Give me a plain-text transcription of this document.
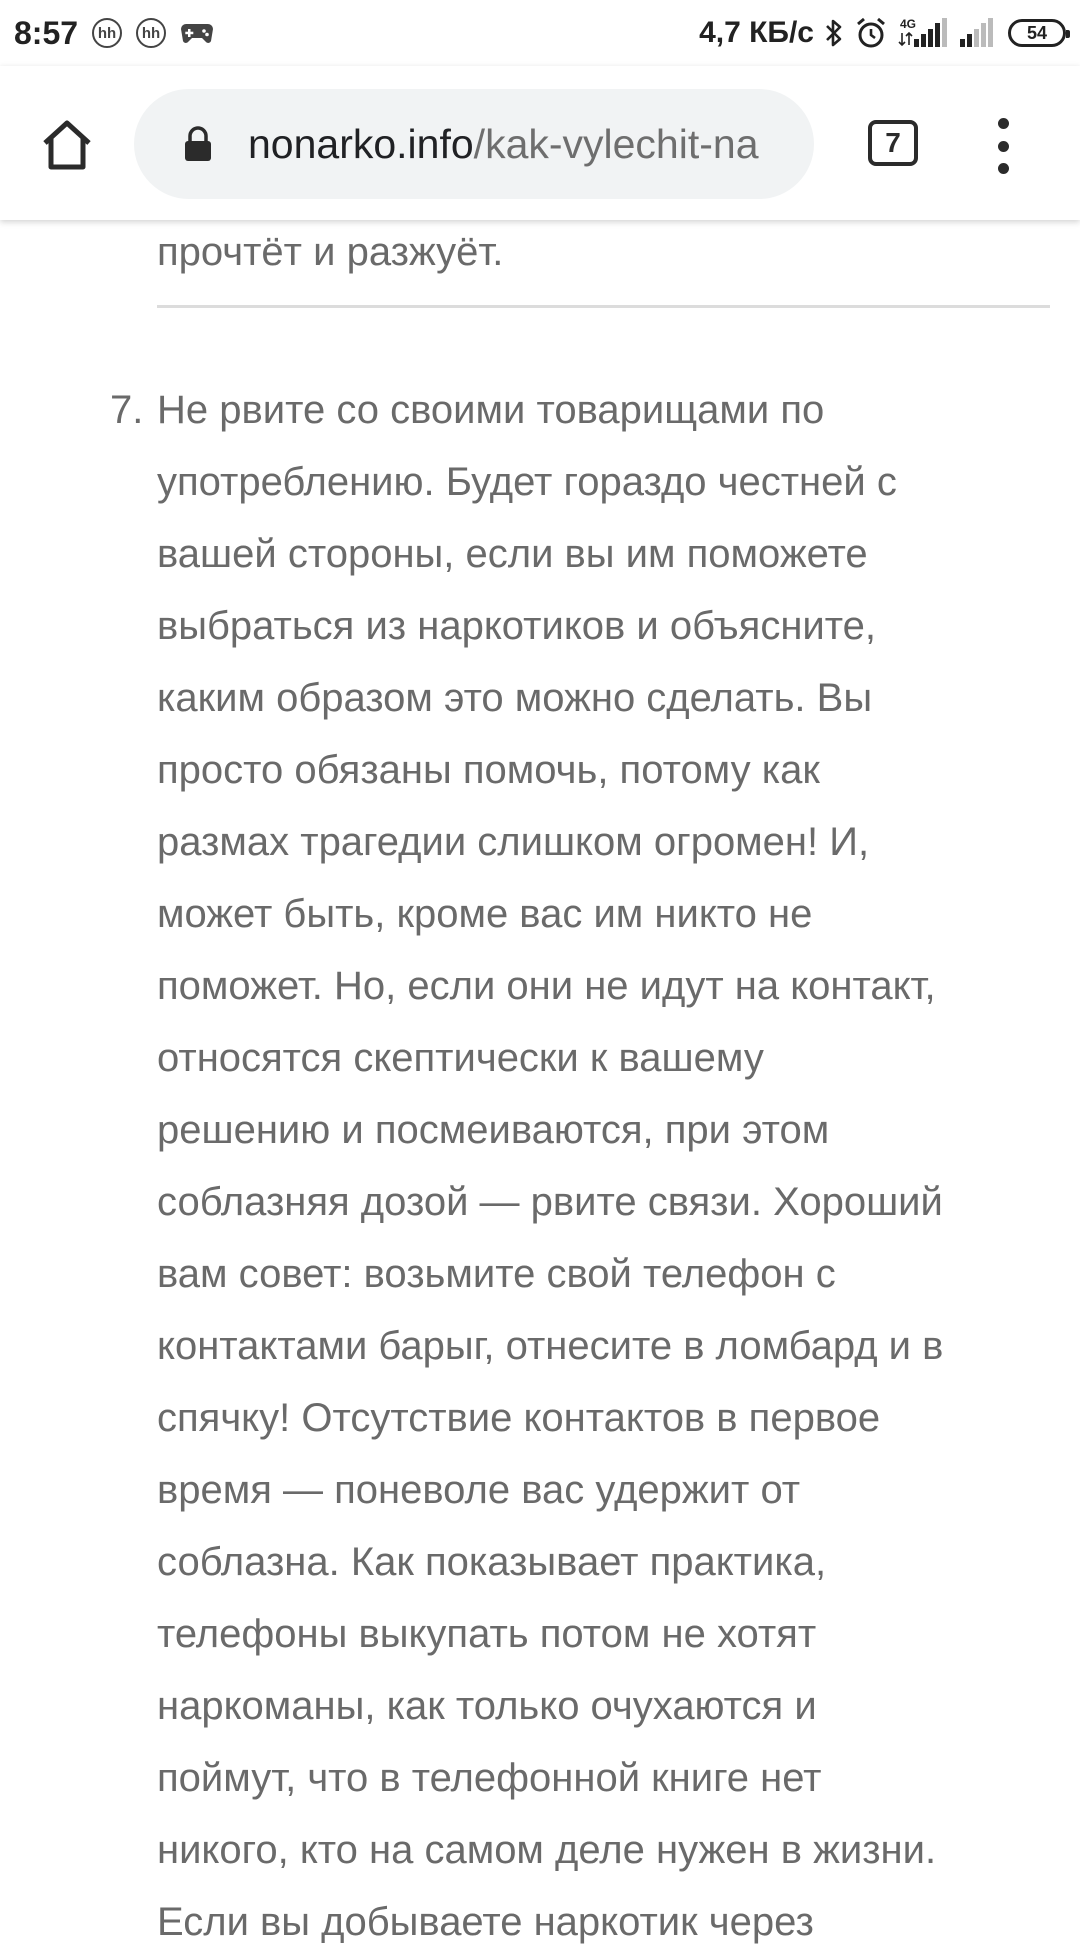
8:57	hh	hh	4,7 КБ/с	4G	54
nonarko.info/kak-vylechit-na	7
прочтёт и разжуёт.
7. Не рвите со своими товарищами по
употреблению. Будет гораздо честней с
вашей стороны, если вы им поможете
выбраться из наркотиков и объясните,
каким образом это можно сделать. Вы
просто обязаны помочь, потому как
размах трагедии слишком огромен! И,
может быть, кроме вас им никто не
поможет. Но, если они не идут на контакт,
относятся скептически к вашему
решению и посмеиваются, при этом
соблазняя дозой — рвите связи. Хороший
вам совет: возьмите свой телефон с
контактами барыг, отнесите в ломбард и в
спячку! Отсутствие контактов в первое
время — поневоле вас удержит от
соблазна. Как показывает практика,
телефоны выкупать потом не хотят
наркоманы, как только очухаются и
поймут, что в телефонной книге нет
никого, кто на самом деле нужен в жизни.
Если вы добываете наркотик через
